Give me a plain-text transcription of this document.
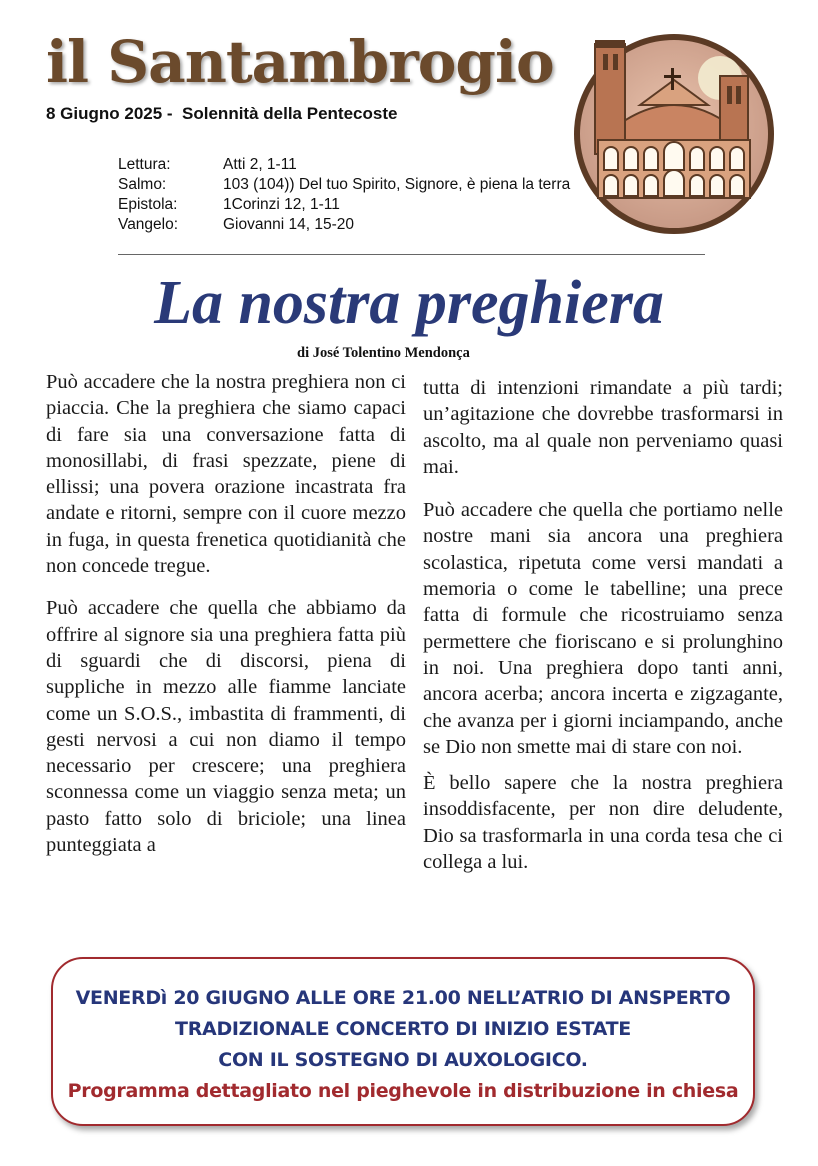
il Santambrogio
8 Giugno 2025 -  Solennità della Pentecoste
Lettura:	Atti 2, 1-11
Salmo:	103 (104)) Del tuo Spirito, Signore, è piena la terra
Epistola:	1Corinzi 12, 1-11
Vangelo:	Giovanni 14, 15-20
La nostra preghiera
di José Tolentino Mendonça

Può accadere che la nostra preghiera non ci piaccia. Che la preghiera che siamo capaci di fare sia una conversazione fatta di monosillabi, di frasi spezzate, piene di ellissi; una povera orazione incastrata fra andate e ritorni, sempre con il cuore mezzo in fuga, in questa frenetica quotidianità che non concede tregue.

Può accadere che quella che abbiamo da offrire al signore sia una preghiera fatta più di sguardi che di discorsi, piena di suppliche in mezzo alle fiamme lanciate come un S.O.S., imbastita di frammenti, di gesti nervosi a cui non diamo il tempo necessario per crescere; una preghiera sconnessa come un viaggio senza meta; un pasto fatto solo di briciole; una linea punteggiata a

tutta di intenzioni rimandate a più tardi; un’agitazione che dovrebbe trasformarsi in ascolto, ma al quale non perveniamo quasi mai.

Può accadere che quella che portiamo nelle nostre mani sia ancora una preghiera scolastica, ripetuta come versi mandati a memoria o come le tabelline; una prece fatta di formule che ricostruiamo senza permettere che fioriscano e si prolunghino in noi. Una preghiera dopo tanti anni, ancora acerba; ancora incerta e zigzagante, che avanza per i giorni inciampando, anche se Dio non smette mai di stare con noi.

È bello sapere che la nostra preghiera insoddisfacente, per non dire deludente, Dio sa trasformarla in una corda tesa che ci collega a lui.

VENERDì 20 GIUGNO ALLE ORE 21.00 NELL’ATRIO DI ANSPERTO
TRADIZIONALE CONCERTO DI INIZIO ESTATE
CON IL SOSTEGNO DI AUXOLOGICO.
Programma dettagliato nel pieghevole in distribuzione in chiesa
